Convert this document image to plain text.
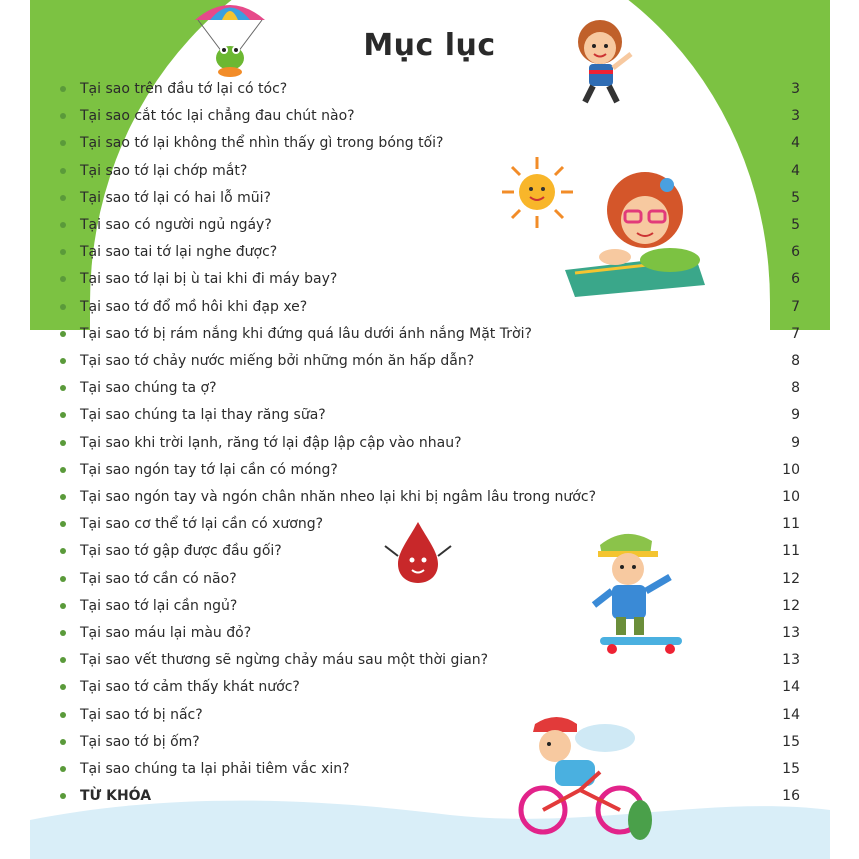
Mục lục
Tại sao trên đầu tớ lại có tóc?	3
Tại sao cắt tóc lại chẳng đau chút nào?	3
Tại sao tớ lại không thể nhìn thấy gì trong bóng tối?	4
Tại sao tớ lại chớp mắt?	4
Tại sao tớ lại có hai lỗ mũi?	5
Tại sao có người ngủ ngáy?	5
Tại sao tai tớ lại nghe được?	6
Tại sao tớ lại bị ù tai khi đi máy bay?	6
Tại sao tớ đổ mồ hôi khi đạp xe?	7
Tại sao tớ bị rám nắng khi đứng quá lâu dưới ánh nắng Mặt Trời?	7
Tại sao tớ chảy nước miếng bởi những món ăn hấp dẫn?	8
Tại sao chúng ta ợ?	8
Tại sao chúng ta lại thay răng sữa?	9
Tại sao khi trời lạnh, răng tớ lại đập lập cập vào nhau?	9
Tại sao ngón tay tớ lại cần có móng?	10
Tại sao ngón tay và ngón chân nhăn nheo lại khi bị ngâm lâu trong nước?	10
Tại sao cơ thể tớ lại cần có xương?	11
Tại sao tớ gập được đầu gối?	11
Tại sao tớ cần có não?	12
Tại sao tớ lại cần ngủ?	12
Tại sao máu lại màu đỏ?	13
Tại sao vết thương sẽ ngừng chảy máu sau một thời gian?	13
Tại sao tớ cảm thấy khát nước?	14
Tại sao tớ bị nấc?	14
Tại sao tớ bị ốm?	15
Tại sao chúng ta lại phải tiêm vắc xin?	15
TỪ KHÓA	16
